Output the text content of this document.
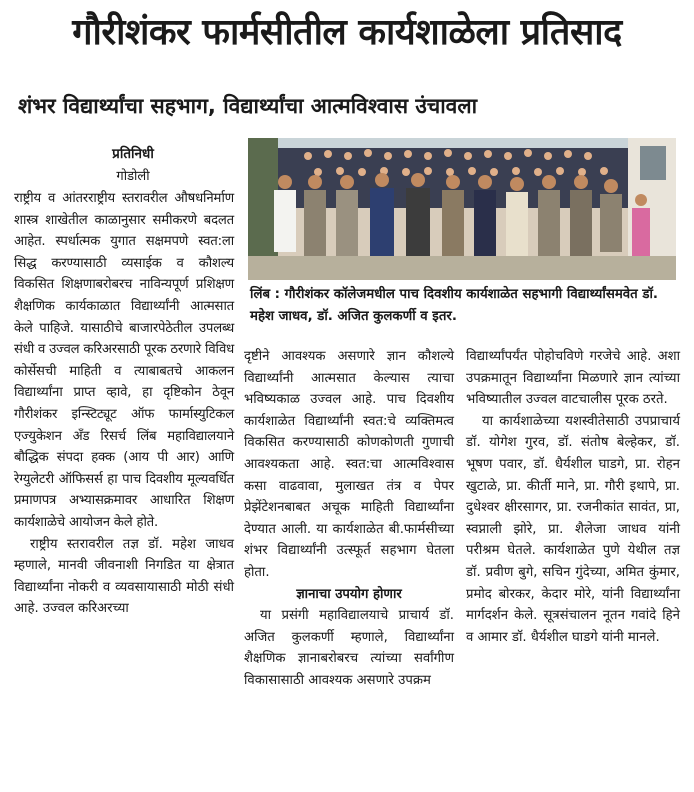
गौरीशंकर फार्मसीतील कार्यशाळेला प्रतिसाद
शंभर विद्यार्थ्यांचा सहभाग, विद्यार्थ्यांचा आत्मविश्वास उंचावला
प्रतिनिधी
गोडोली
लिंब : गौरीशंकर कॉलेजमधील पाच दिवशीय कार्यशाळेत सहभागी विद्यार्थ्यांसमवेत डॉ. महेश जाधव, डॉ. अजित कुलकर्णी व इतर.

राष्ट्रीय व आंतरराष्ट्रीय स्तरावरील औषधनिर्माण शास्त्र शाखेतील काळानुसार समीकरणे बदलत आहेत. स्पर्धात्मक युगात सक्षमपणे स्वत:ला सिद्ध करण्यासाठी व्यसाईक व कौशल्य विकसित शिक्षणाबरोबरच नाविन्यपूर्ण प्रशिक्षण शैक्षणिक कार्यकाळात विद्यार्थ्यांनी आत्मसात केले पाहिजे. यासाठीचे बाजारपेठेतील उपलब्ध संधी व उज्वल करिअरसाठी पूरक ठरणारे विविध कोर्सेसची माहिती व त्याबाबतचे आकलन विद्यार्थ्यांना प्राप्त व्हावे, हा दृष्टिकोन ठेवून गौरीशंकर इन्स्टिट्यूट ऑफ फार्मास्युटिकल एज्युकेशन अँड रिसर्च लिंब महाविद्यालयाने बौद्धिक संपदा हक्क (आय पी आर) आणि रेग्युलेटरी ऑफिसर्स हा पाच दिवशीय मूल्यवर्धित प्रमाणपत्र अभ्यासक्रमावर आधारित शिक्षण कार्यशाळेचे आयोजन केले होते.

राष्ट्रीय स्तरावरील तज्ञ डॉ. महेश जाधव म्हणाले, मानवी जीवनाशी निगडित या क्षेत्रात विद्यार्थ्यांना नोकरी व व्यवसायासाठी मोठी संधी आहे. उज्वल करिअरच्या

दृष्टीने आवश्यक असणारे ज्ञान कौशल्ये विद्यार्थ्यांनी आत्मसात केल्यास त्याचा भविष्यकाळ उज्वल आहे. पाच दिवशीय कार्यशाळेत विद्यार्थ्यांनी स्वत:चे व्यक्तिमत्व विकसित करण्यासाठी कोणकोणती गुणाची आवश्यकता आहे. स्वत:चा आत्मविश्वास कसा वाढवावा, मुलाखत तंत्र व पेपर प्रेझेंटेशनबाबत अचूक माहिती विद्यार्थ्यांना देण्यात आली. या कार्यशाळेत बी.फार्मसीच्या शंभर विद्यार्थ्यांनी उत्स्फूर्त सहभाग घेतला होता.

ज्ञानाचा उपयोग होणार

या प्रसंगी महाविद्यालयाचे प्राचार्य डॉ. अजित कुलकर्णी म्हणाले, विद्यार्थ्यांना शैक्षणिक ज्ञानाबरोबरच त्यांच्या सर्वांगीण विकासासाठी आवश्यक असणारे उपक्रम

विद्यार्थ्यांपर्यंत पोहोचविणे गरजेचे आहे. अशा उपक्रमातून विद्यार्थ्यांना मिळणारे ज्ञान त्यांच्या भविष्यातील उज्वल वाटचालीस पूरक ठरते.

या कार्यशाळेच्या यशस्वीतेसाठी उपप्राचार्य डॉ. योगेश गुरव, डॉ. संतोष बेल्हेकर, डॉ. भूषण पवार, डॉ. धैर्यशील घाडगे, प्रा. रोहन खुटाळे, प्रा. कीर्ती माने, प्रा. गौरी इथापे, प्रा. दुधेश्वर क्षीरसागर, प्रा. रजनीकांत सावंत, प्रा, स्वप्नाली झोरे, प्रा. शैलेजा जाधव यांनी परीश्रम घेतले. कार्यशाळेत पुणे येथील तज्ञ डॉ. प्रवीण बुगे, सचिन गुंदेच्या, अमित कुंमार, प्रमोद बोरकर, केदार मोरे, यांनी विद्यार्थ्यांना मार्गदर्शन केले. सूत्रसंचालन नूतन गवांदे हिने व आमार डॉ. धैर्यशील घाडगे यांनी मानले.
